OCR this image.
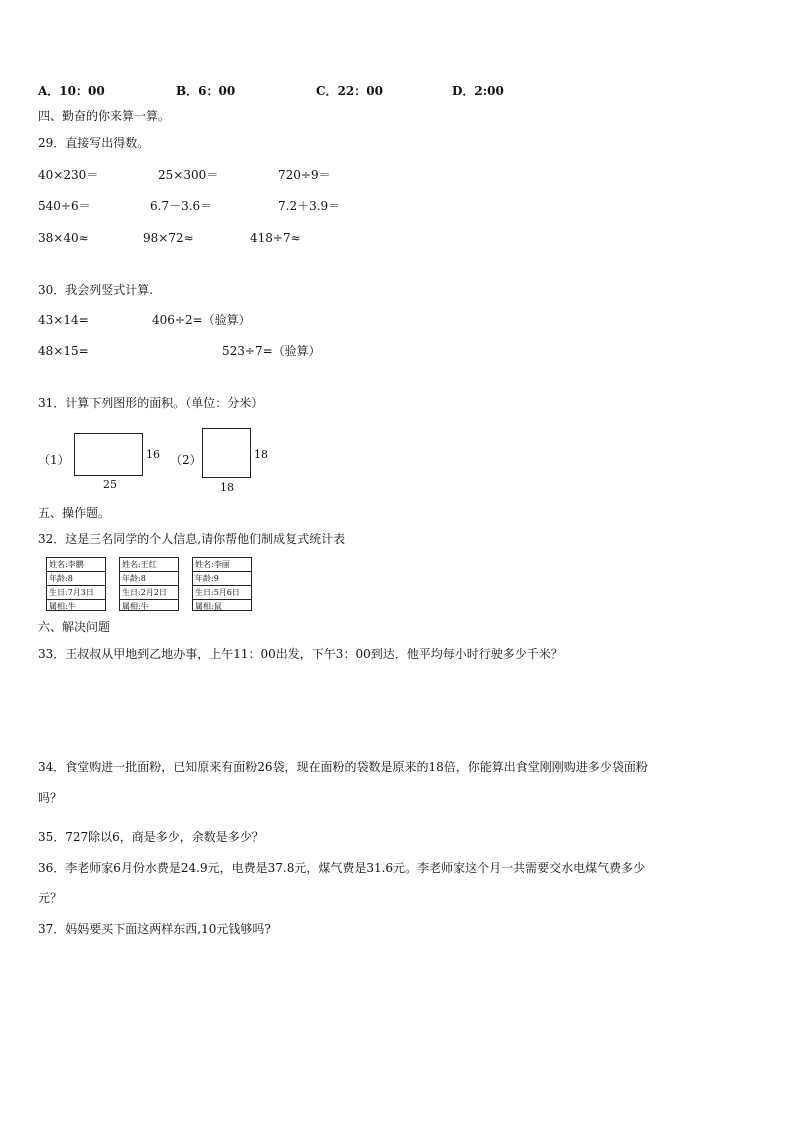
A．10：00	B．6：00	C．22：00	D．2:00
四、勤奋的你来算一算。
29．直接写出得数。
40×230＝	25×300＝	720÷9＝
540÷6＝	6.7－3.6＝	7.2＋3.9＝
38×40≈	98×72≈	418÷7≈
30．我会列竖式计算.
43×14=	406÷2=（验算）
48×15=	523÷7=（验算）
31．计算下列图形的面积。（单位：分米）
（1）	16
25
（2）	18
18
五、操作题。
32．这是三名同学的个人信息,请你帮他们制成复式统计表
姓名:李鹏
年龄:8
生日:7月3日
属相:牛
姓名:王红
年龄:8
生日:2月2日
属相:牛
姓名:李丽
年龄:9
生日:5月6日
属相:鼠
六、解决问题
33．王叔叔从甲地到乙地办事，上午11：00出发，下午3：00到达．他平均每小时行驶多少千米？
34．食堂购进一批面粉，已知原来有面粉26袋，现在面粉的袋数是原来的18倍，你能算出食堂刚刚购进多少袋面粉
吗？
35．727除以6，商是多少，余数是多少？
36．李老师家6月份水费是24.9元，电费是37.8元，煤气费是31.6元。李老师家这个月一共需要交水电煤气费多少
元？
37．妈妈要买下面这两样东西,10元钱够吗?
